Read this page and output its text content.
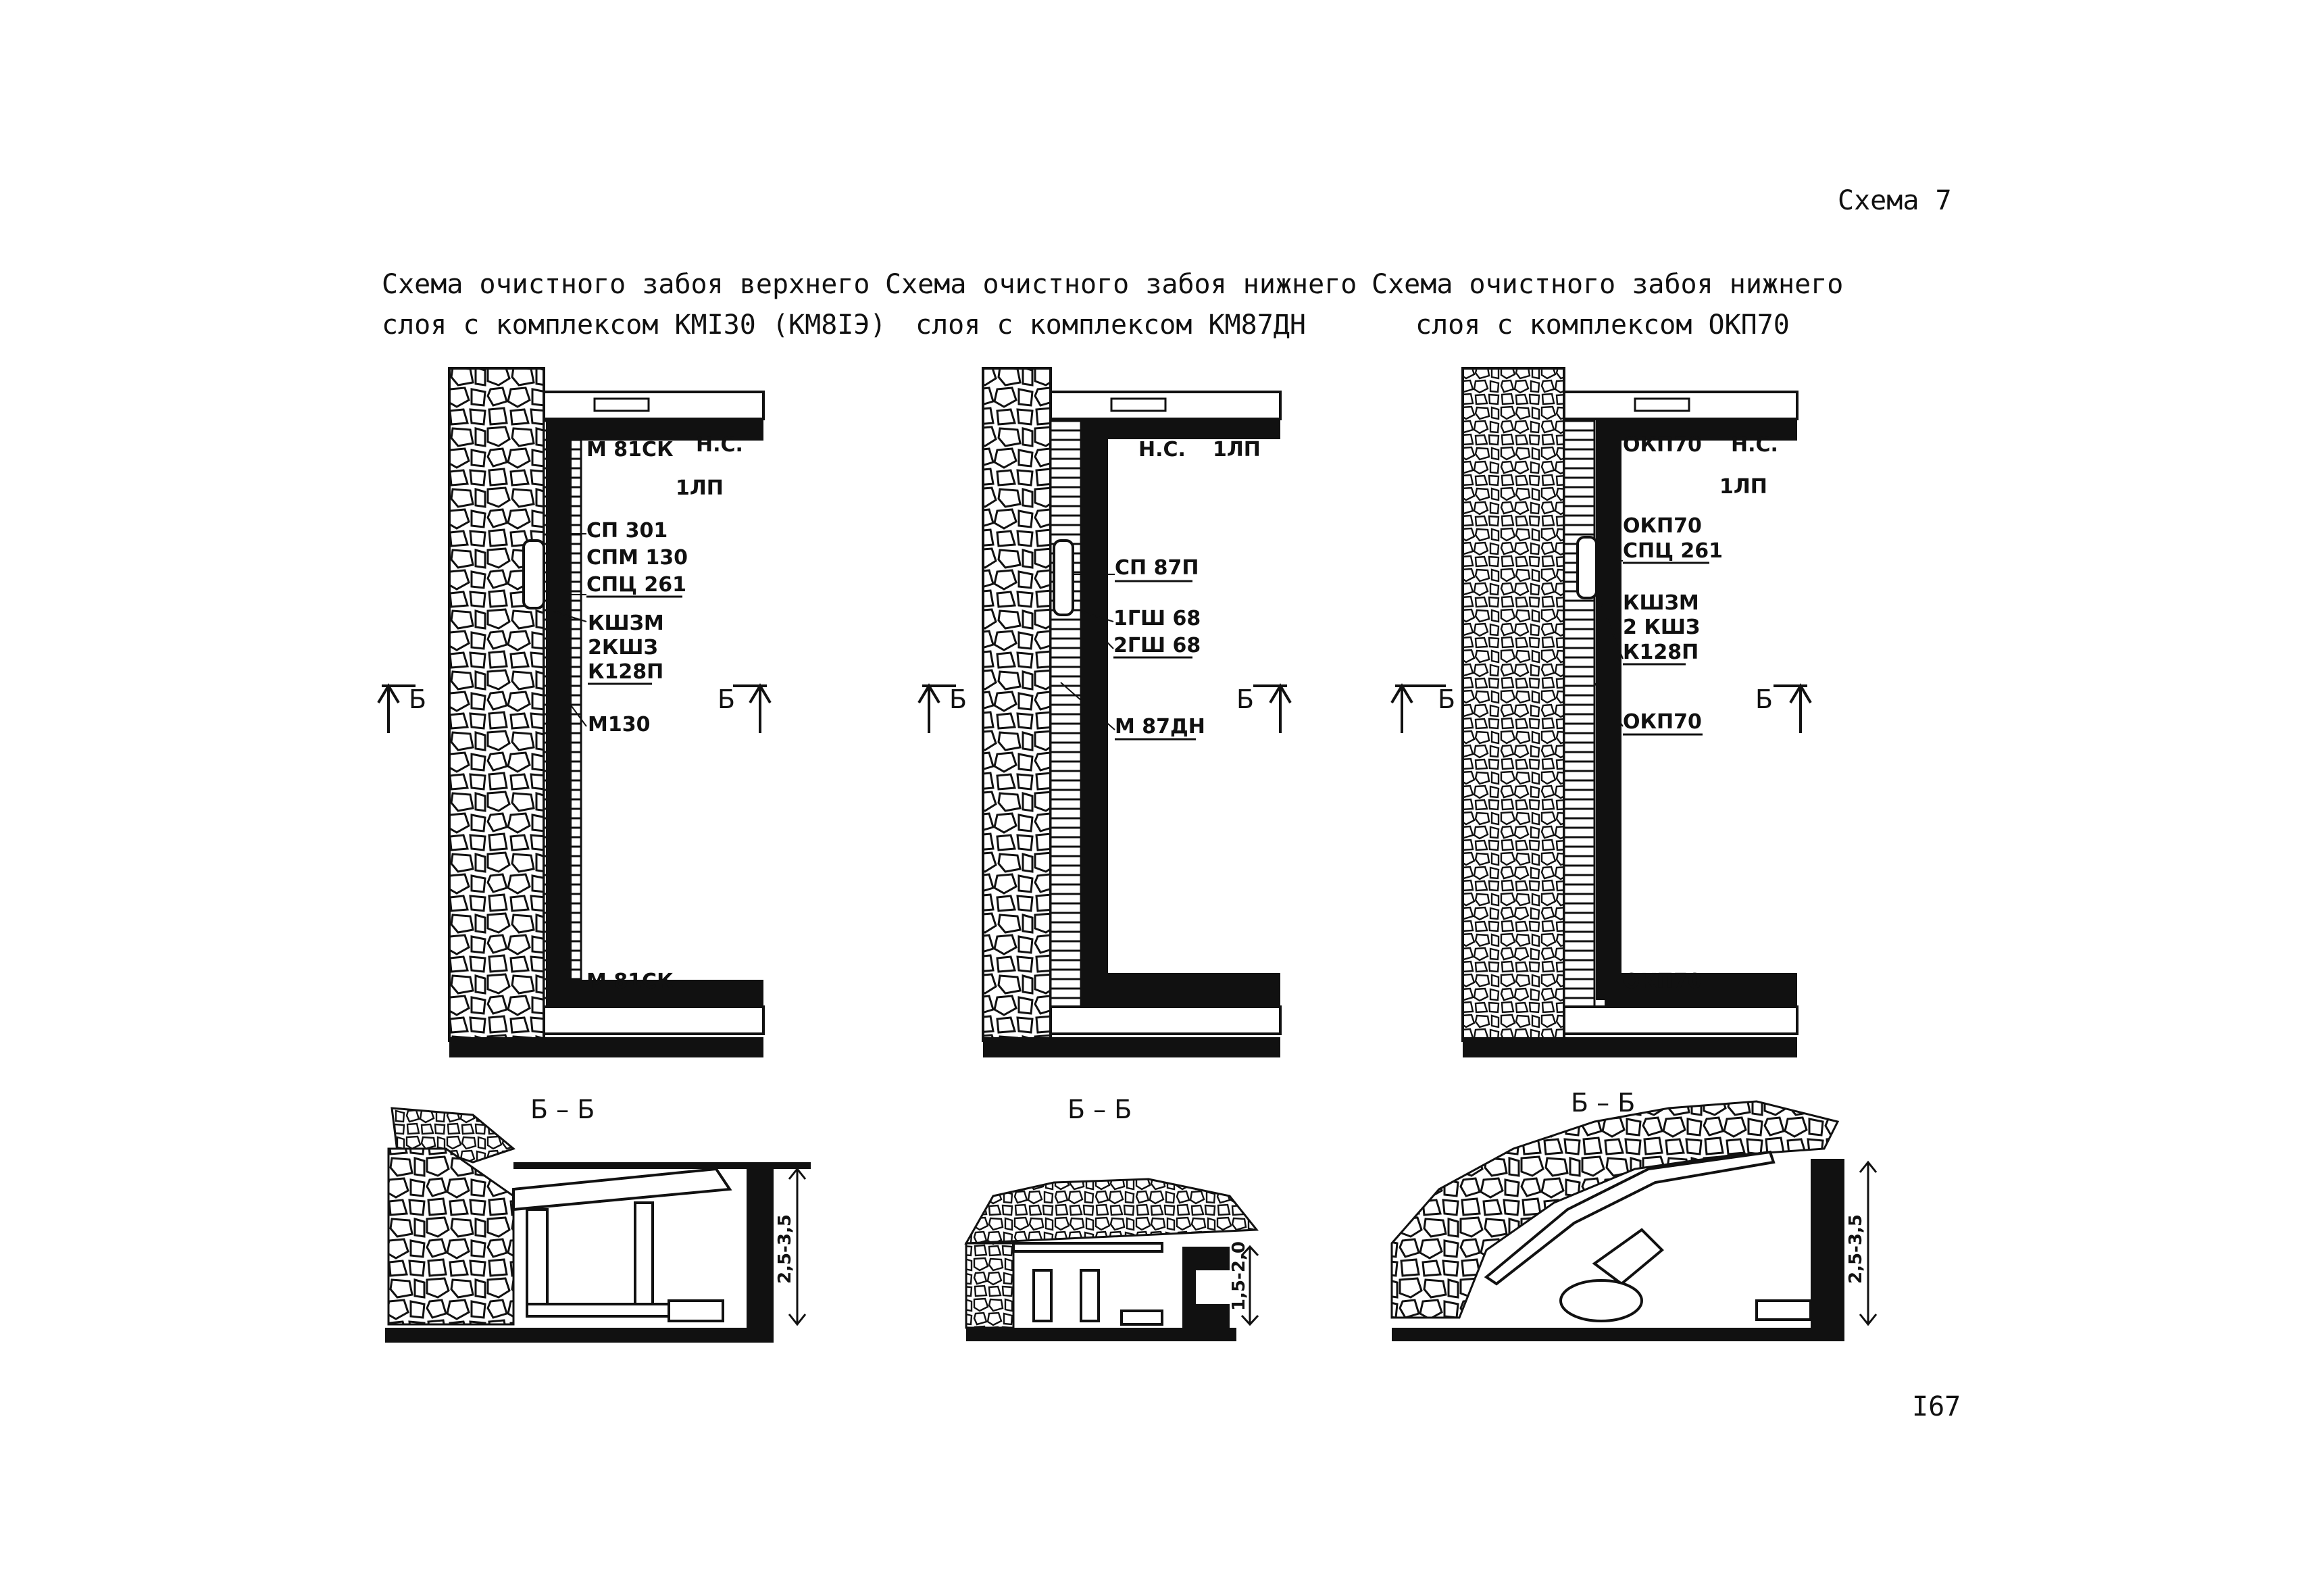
Схема 7
Схема очистного забоя верхнего
слоя с комплексом КМI30 (КМ8IЭ)
Б	Б
М 81СК Н.С.
1ЛП
СП 301
СПМ 130
СПЦ 261
КШЗМ
2КШЗ
К128П
М130
М 81СК
Б – Б
2,5-3,5
Схема очистного забоя нижнего
слоя с комплексом КМ87ДН
Б	Б
Н.С. 1ЛП
СП 87П
1ГШ 68
2ГШ 68
М 87ДН
Б – Б
1,5-2,0
Схема очистного забоя нижнего
слоя с комплексом ОКП70
Б	Б
ОКП70 Н.С.
1ЛП
ОКП70
СПЦ 261
КШЗМ
2 КШЗ
К128П
ОКП70
ОКП70
Б – Б
2,5-3,5
I67
